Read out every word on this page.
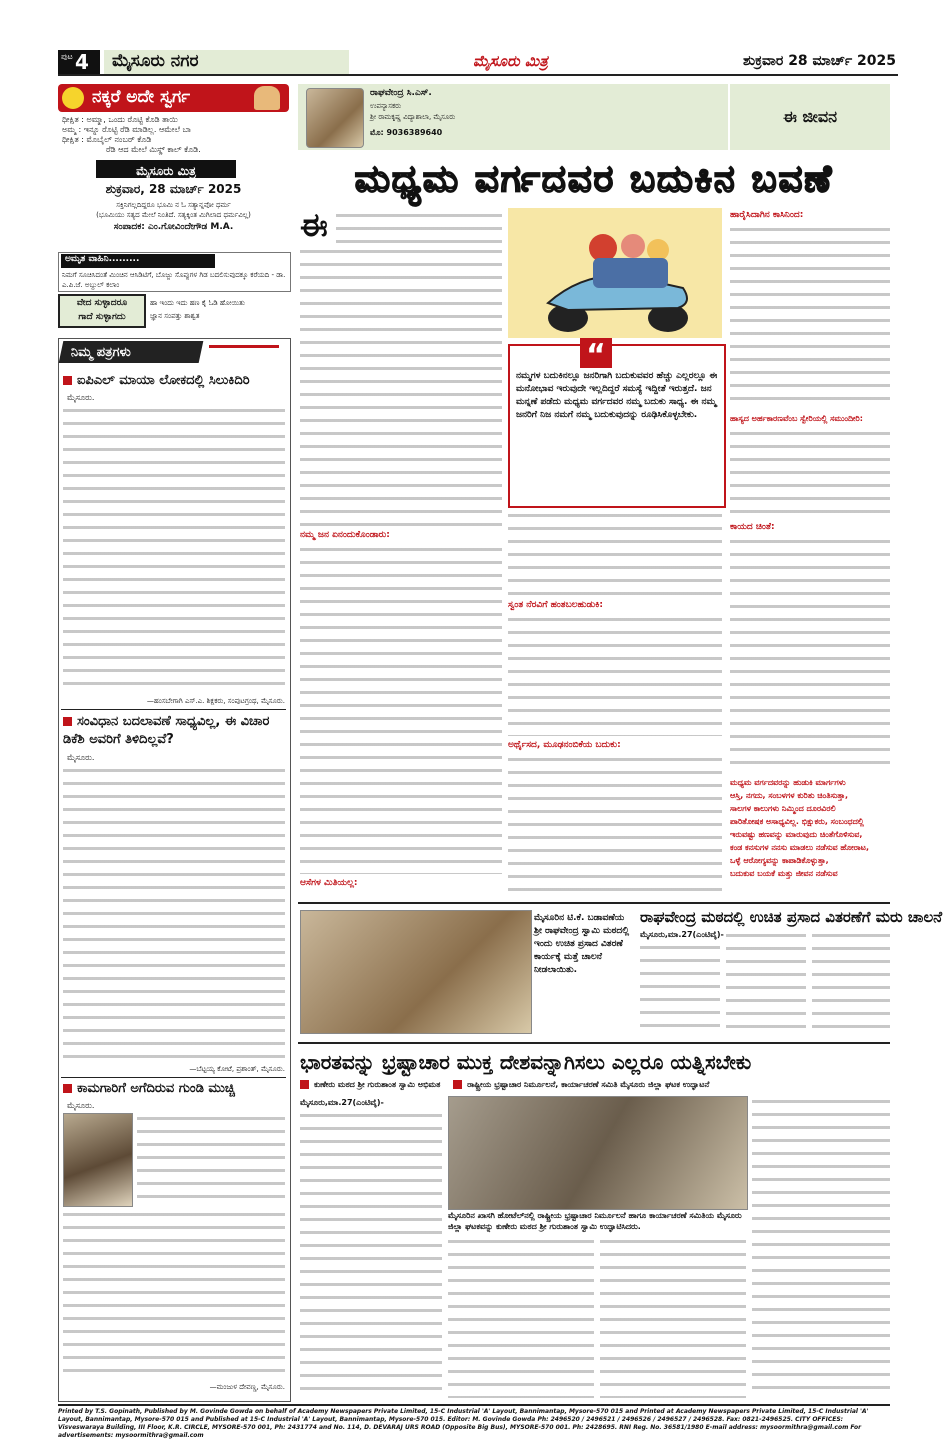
ಪುಟ 4 ಮೈಸೂರು ನಗರ	ಮೈಸೂರು ಮಿತ್ರ	ಶುಕ್ರವಾರ 28 ಮಾರ್ಚ್ 2025
ನಕ್ಕರೆ ಅದೇ ಸ್ವರ್ಗ
ಧೀಕ್ಷಿತ : ಅಮ್ಮಾ, ಒಂದು ರೊಟ್ಟಿ ಕೊಡಿ ತಾಯಿ
ಅಮ್ಮ : ಇನ್ನೂ ರೊಟ್ಟಿ ರೆಡಿ ಮಾಡಿಲ್ಲ. ಆಮೇಲೆ ಬಾ
ಧೀಕ್ಷಿತ : ಮೊಬೈಲ್ ನಂಬರ್ ಕೊಡಿ
ರೆಡಿ ಆದ ಮೇಲೆ ಮಿಸ್ಡ್ ಕಾಲ್ ಕೊಡಿ.
ಮೈಸೂರು ಮಿತ್ರ
ಶುಕ್ರವಾರ, 28 ಮಾರ್ಚ್ 2025
ಸಕ್ತಿನಿಗಲ್ಲದಿದ್ದರೂ ಭೂಮಿ ನ ಓ ಸತ್ಯಾನ್ನವೋ ಧರ್ಮ
(ಭೂಮಿಯು ಸತ್ಯದ ಮೇಲೆ ನಿಂತಿದೆ. ಸತ್ಯಕ್ಕಿಂತ ಮಿಗಿಲಾದ ಧರ್ಮವಿಲ್ಲ)
ಸಂಪಾದಕ: ಎಂ.ಗೋವಿಂದೇಗೌಡ M.A.
ಅಮೃತ ವಾಹಿನಿ.........
ನಿಮಗೆ ಸೂಚಿಸಿದಂತೆ ಮಿಂಚಿನ ಆಸಿಡಿಟಿಗೆ, ಬೊಜ್ಜು ಸೊಪ್ಪುಗಳ ಗಿಡ ಬದಲಿಸುವುದಕ್ಕೂ ಕರೆಯದಿ - ಡಾ. ಎ.ಪಿ.ಜೆ. ಅಬ್ದುಲ್ ಕಲಾಂ
ವೇದ ಸುಳ್ಳಾದರೂ
ಗಾದೆ ಸುಳ್ಳಾಗದು
ಹಾ ಇಂದು ಇದು ಹಣ ಕೈ ಓಡಿ ಹೋಯಿತು
ಜ್ಞಾನ ಸಂಪತ್ತು ಶಾಶ್ವತ
ನಿಮ್ಮ ಪತ್ರಗಳು
ಐಪಿಎಲ್ ಮಾಯಾ ಲೋಕದಲ್ಲಿ ಸಿಲುಕಿದಿರಿ
ಮೈಸೂರು.
—ಹಂಸಬೇಗಾಗಿ ಎಸ್.ಎ. ಶಿಕ್ಷಕರು, ಸಂಪುಟಗ್ರಂಥ, ಮೈಸೂರು.
ಸಂವಿಧಾನ ಬದಲಾವಣೆ ಸಾಧ್ಯವಿಲ್ಲ, ಈ ವಿಚಾರ ಡಿಕೆಶಿ ಅವರಿಗೆ ತಿಳಿದಿಲ್ಲವೆ?
ಮೈಸೂರು.
—ಬೆಟ್ಟಯ್ಯ ಕೋಟೆ, ಪ್ರಶಾಂತ್, ಮೈಸೂರು.
ಕಾಮಗಾರಿಗೆ ಅಗೆದಿರುವ ಗುಂಡಿ ಮುಚ್ಚಿ
ಮೈಸೂರು.
—ಮಂಜುಳ ದೇವಣ್ಣ, ಮೈಸೂರು.
ರಾಘವೇಂದ್ರ ಸಿ.ಎಸ್.
ಉಪನ್ಯಾಸಕರು
ಶ್ರೀ ರಾಮಕೃಷ್ಣ ವಿದ್ಯಾಶಾಲಾ, ಮೈಸೂರು
ಮೊ: 9036389640
ಈ ಜೀವನ
ಮಧ್ಯಮ ವರ್ಗದವರ ಬದುಕಿನ ಬವಣೆ
ಈ
ನಮ್ಮ ಜನ ಏನಂದುಕೊಂಡಾರು:
ಆಸೆಗಳ ಮಿತಿಯಲ್ಲ:
“
ನಮ್ಮಗಳ ಬದುಕಿನಲ್ಲೂ ಜನರಿಗಾಗಿ ಬದುಕುವವರ ಹೆಚ್ಚು ಎಲ್ಲರಲ್ಲೂ ಈ ಮನೋಭಾವ ಇರುವುದೇ ಇಲ್ಲದಿದ್ದರೆ ಸಮಸ್ಯೆ ಇದ್ದೀತೆ ಇರುತ್ತದೆ. ಜನ ಮನ್ನಣೆ ಪಡೆದು ಮಧ್ಯಮ ವರ್ಗದವರ ನಮ್ಮ ಬದುಕು ಸಾಧ್ಯ. ಈ ನಮ್ಮ ಜನರಿಗೆ ನಿಜ ನಮಗೆ ನಮ್ಮ ಬದುಕುವುದನ್ನು ರೂಢಿಸಿಕೊಳ್ಳಬೇಕು.
ಸ್ವಂತ ನೆರವಿಗೆ ಹಂತಬಲಹುಡುಕಿ:
ಅರ್ಥೈಸದ, ಮೂಢನಂಬಿಕೆಯ ಬದುಕು:
ಹಾರೈಸಿದಾಗಿನ ಕಾಸಿನಿಂದ:
ಹಾಸ್ಯದ ಅರ್ಹಕಾರಣವೆಂಬ ಸ್ವೇರಿಯಲ್ಲಿ ಸಮುಂದೀರಿ:
ಕಾಯದ ಚಿಂತೆ:
ಮಧ್ಯಮ ವರ್ಗದವರನ್ನು ಹುಡುಕಿ ಮಾರ್ಗಗಳು
ಆಸ್ತಿ, ನಗದು, ಸಂಬಳಗಳ ಕುರಿತು ಚಿಂತಿಸುತ್ತಾ,
ಸಾಲಗಳ ಕಾಲುಗಳು ನಿಮ್ಮಿಂದ ದೂರವಿರಲಿ
ಪಾರಿತೋಷಕ ಅಸಾಧ್ಯವಿಲ್ಲ. ಭಿಕ್ಷುಕರು, ಸಂಬಂಧದಲ್ಲಿ
ಇರುವಷ್ಟು ಹಣವನ್ನು ಮಾರುವುದು ಚಿಂತೆಗೊಳಿಸುವ,
ಕಂಡ ಕನಸುಗಳ ನನಸು ಮಾಡಲು ನಡೆಸುವ ಹೋರಾಟ,
ಒಳ್ಳೆ ಆರೋಗ್ಯವನ್ನು ಕಾಪಾಡಿಕೊಳ್ಳುತ್ತಾ,
ಬದುಕುವ ಬಯಕೆ ಮತ್ತು ಜೀವನ ನಡೆಸುವ
ಮೈಸೂರಿನ ಟಿ.ಕೆ. ಬಡಾವಣೆಯ ಶ್ರೀ ರಾಘವೇಂದ್ರ ಸ್ವಾಮಿ ಮಠದಲ್ಲಿ ಇಂದು ಉಚಿತ ಪ್ರಸಾದ ವಿತರಣೆ ಕಾರ್ಯಕ್ಕೆ ಮತ್ತೆ ಚಾಲನೆ ನೀಡಲಾಯಿತು.
ರಾಘವೇಂದ್ರ ಮಠದಲ್ಲಿ ಉಚಿತ ಪ್ರಸಾದ ವಿತರಣೆಗೆ ಮರು ಚಾಲನೆ
ಮೈಸೂರು,ಮಾ.27(ಎಂಟಿವೈ)-
ಭಾರತವನ್ನು ಭ್ರಷ್ಟಾಚಾರ ಮುಕ್ತ ದೇಶವನ್ನಾಗಿಸಲು ಎಲ್ಲರೂ ಯತ್ನಿಸಬೇಕು
ಕುಣೇರು ಮಠದ ಶ್ರೀ ಗುರುಶಾಂತ ಸ್ವಾಮಿ ಅಭಿಮತ	ರಾಷ್ಟ್ರೀಯ ಭ್ರಷ್ಟಾಚಾರ ನಿರ್ಮೂಲನೆ, ಕಾರ್ಯಾಚರಣೆ ಸಮಿತಿ ಮೈಸೂರು ಜಿಲ್ಲಾ ಘಟಕ ಉದ್ಘಾಟನೆ
ಮೈಸೂರು,ಮಾ.27(ಎಂಟಿವೈ)-
ಮೈಸೂರಿನ ಖಾಸಗಿ ಹೋಟೆಲ್‌ನಲ್ಲಿ ರಾಷ್ಟ್ರೀಯ ಭ್ರಷ್ಟಾಚಾರ ನಿರ್ಮೂಲನೆ ಹಾಗೂ ಕಾರ್ಯಾಚರಣೆ ಸಮಿತಿಯ ಮೈಸೂರು ಜಿಲ್ಲಾ ಘಟಕವನ್ನು ಕುಣೇರು ಮಠದ ಶ್ರೀ ಗುರುಶಾಂತ ಸ್ವಾಮಿ ಉದ್ಘಾಟಿಸಿದರು.
Printed by T.S. Gopinath, Published by M. Govinde Gowda on behalf of Academy Newspapers Private Limited, 15-C Industrial 'A' Layout, Bannimantap, Mysore-570 015 and Printed at Academy Newspapers Private Limited, 15-C Industrial 'A' Layout, Bannimantap, Mysore-570 015 and Published at 15-C Industrial 'A' Layout, Bannimantap, Mysore-570 015. Editor: M. Govinde Gowda Ph: 2496520 / 2496521 / 2496526 / 2496527 / 2496528. Fax: 0821-2496525. CITY OFFICES: Visveswaraya Building, III Floor, K.R. CIRCLE, MYSORE-570 001, Ph: 2431774 and No. 114, D. DEVARAJ URS ROAD (Opposite Big Bus), MYSORE-570 001. Ph: 2428695. RNI Reg. No. 36581/1980 E-mail address: mysoormithra@gmail.com For advertisements: mysoormithra@gmail.com
